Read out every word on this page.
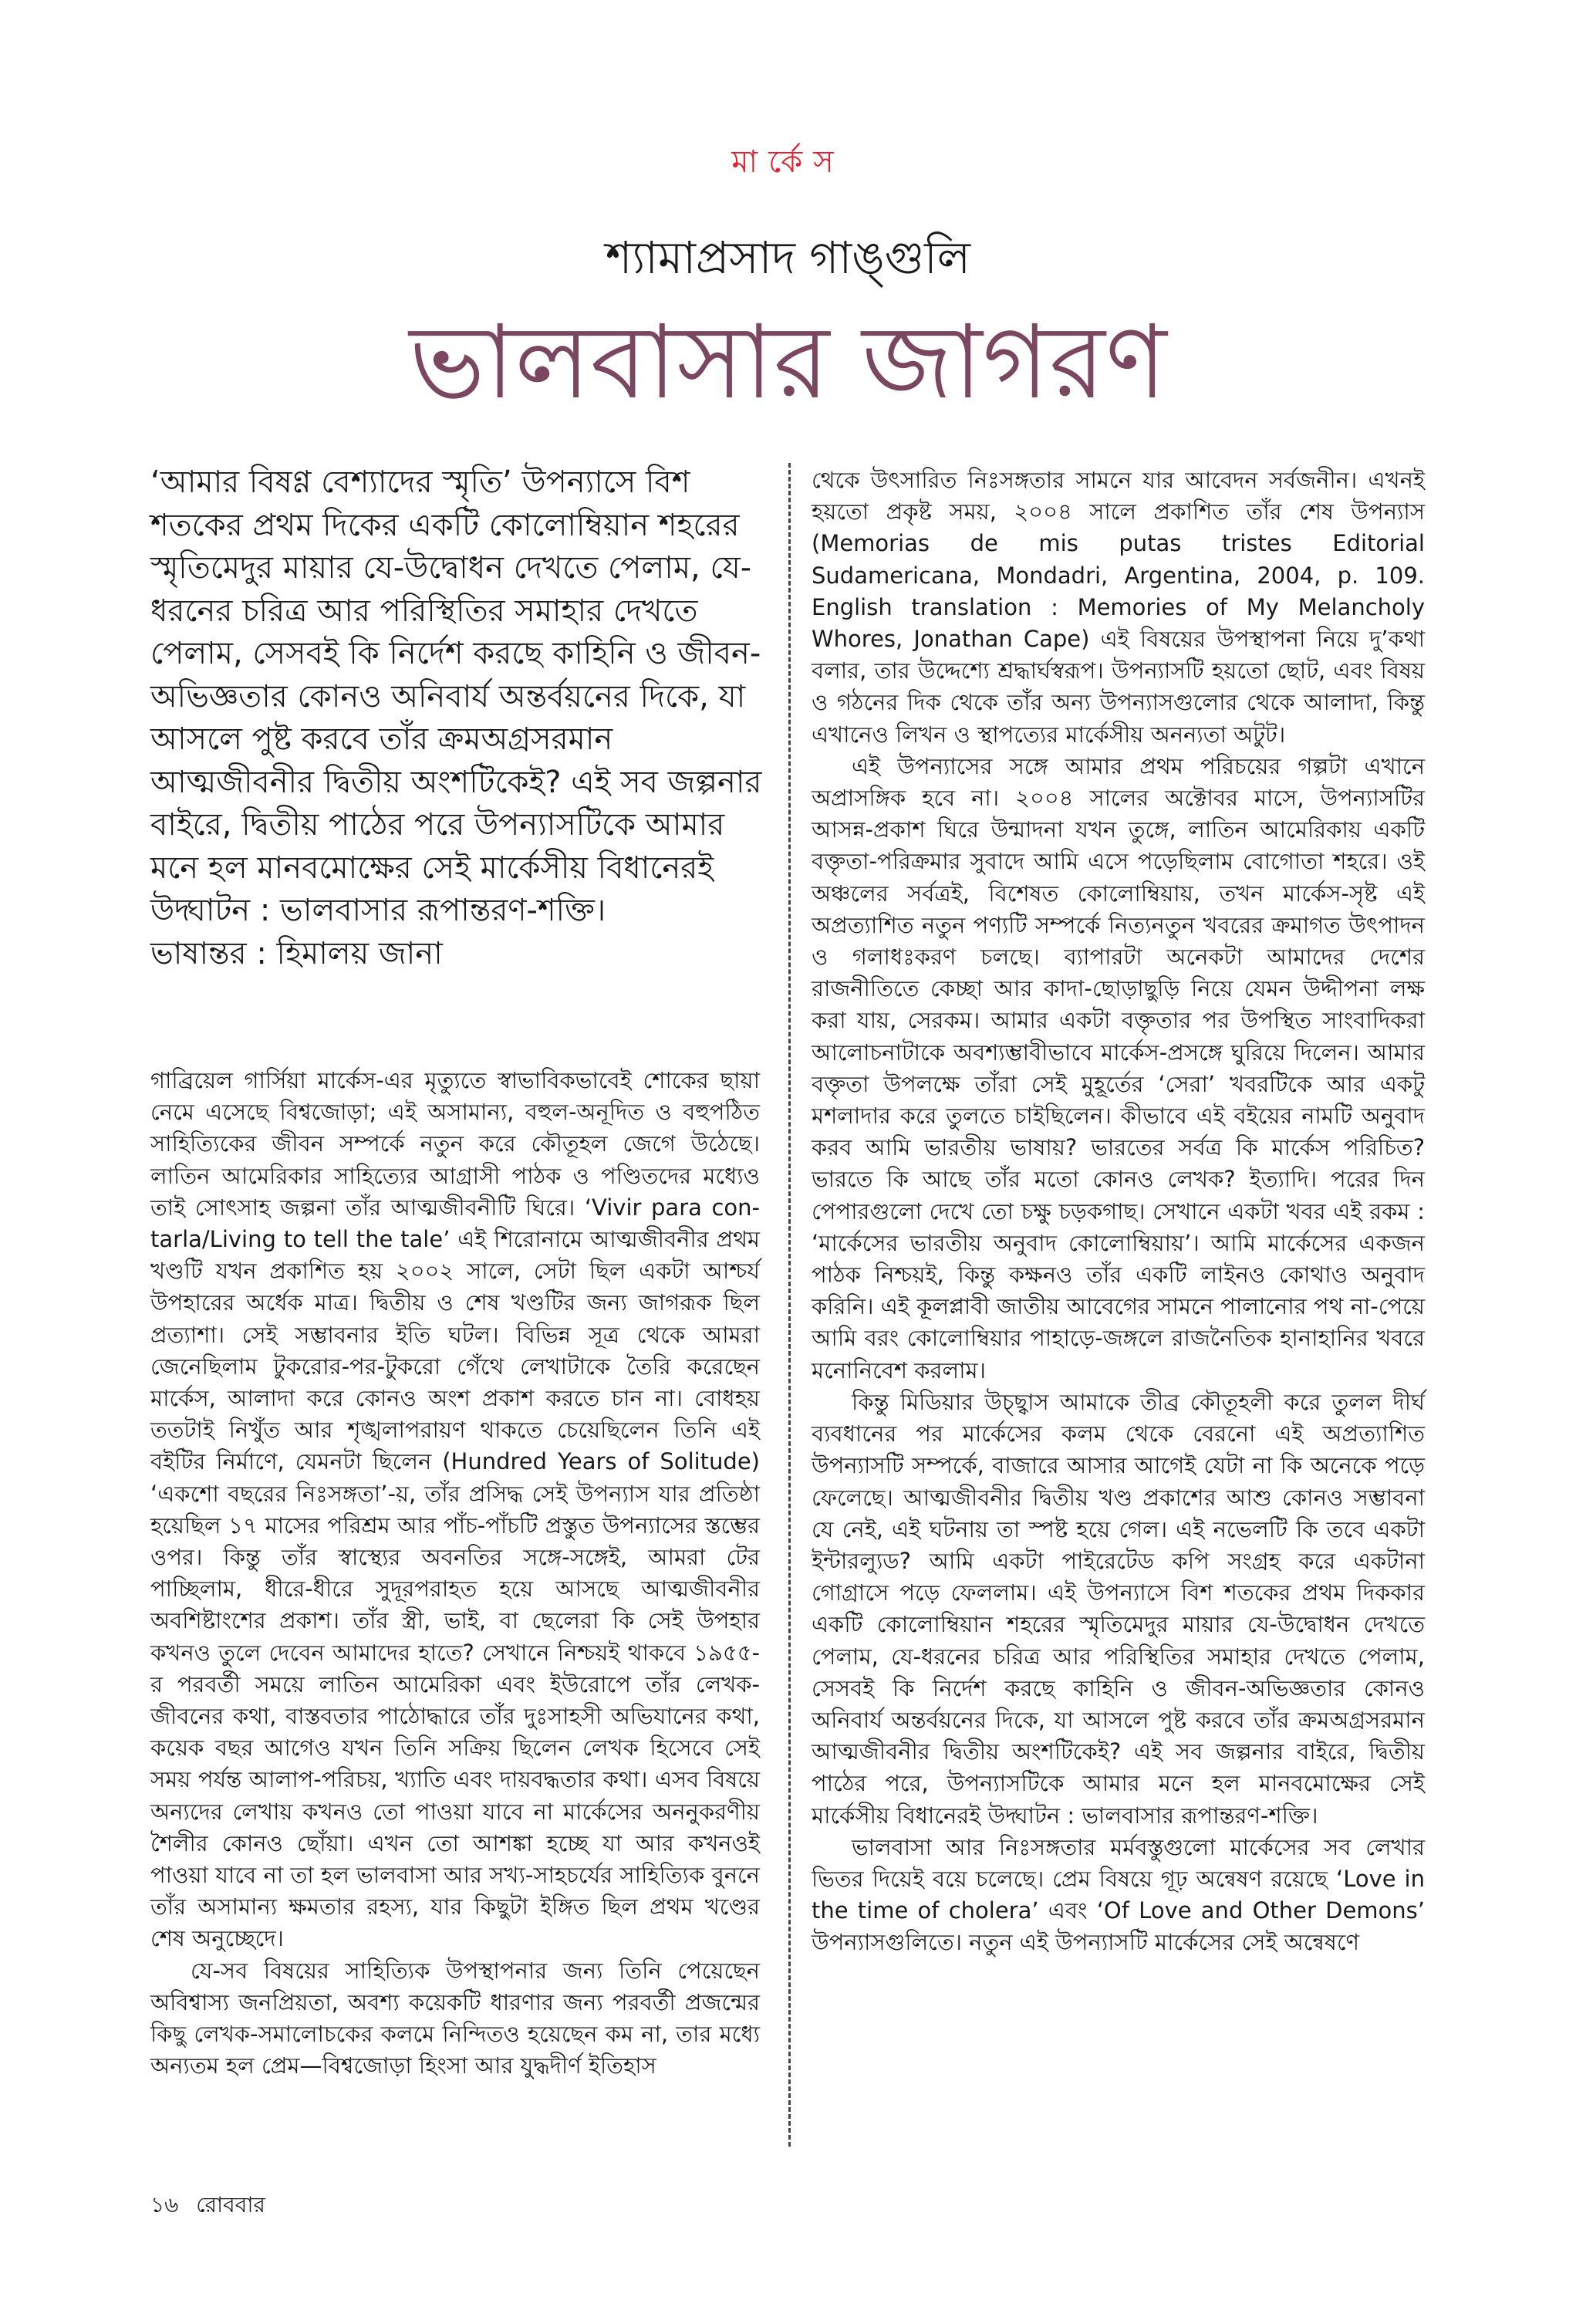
মার্কেস
শ্যামাপ্রসাদ গাঙ্গুলি
ভালবাসার জাগরণ

‘আমার বিষণ্ণ বেশ্যাদের স্মৃতি’ উপন্যাসে বিশ শতকের প্রথম দিকের একটি কোলোম্বিয়ান শহরের স্মৃতিমেদুর মায়ার যে-উদ্বোধন দেখতে পেলাম, যে-ধরনের চরিত্র আর পরিস্থিতির সমাহার দেখতে পেলাম, সেসবই কি নির্দেশ করছে কাহিনি ও জীবন-অভিজ্ঞতার কোনও অনিবার্য অন্তর্বয়নের দিকে, যা আসলে পুষ্ট করবে তাঁর ক্রমঅগ্রসরমান আত্মজীবনীর দ্বিতীয় অংশটিকেই? এই সব জল্পনার বাইরে, দ্বিতীয় পাঠের পরে উপন্যাসটিকে আমার মনে হল মানবমোক্ষের সেই মার্কেসীয় বিধানেরই উদ্ঘাটন : ভালবাসার রূপান্তরণ-শক্তি।

ভাষান্তর : হিমালয় জানা

গাব্রিয়েল গার্সিয়া মার্কেস-এর মৃত্যুতে স্বাভাবিকভাবেই শোকের ছায়া নেমে এসেছে বিশ্বজোড়া; এই অসামান্য, বহুল-অনূদিত ও বহুপঠিত সাহিত্যিকের জীবন সম্পর্কে নতুন করে কৌতূহল জেগে উঠেছে। লাতিন আমেরিকার সাহিত্যের আগ্রাসী পাঠক ও পণ্ডিতদের মধ্যেও তাই সোৎসাহ জল্পনা তাঁর আত্মজীবনীটি ঘিরে। ‘Vivir para con-tarla/Living to tell the tale’ এই শিরোনামে আত্মজীবনীর প্রথম খণ্ডটি যখন প্রকাশিত হয় ২০০২ সালে, সেটা ছিল একটা আশ্চর্য উপহারের অর্ধেক মাত্র। দ্বিতীয় ও শেষ খণ্ডটির জন্য জাগরূক ছিল প্রত্যাশা। সেই সম্ভাবনার ইতি ঘটল। বিভিন্ন সূত্র থেকে আমরা জেনেছিলাম টুকরোর-পর-টুকরো গেঁথে লেখাটাকে তৈরি করেছেন মার্কেস, আলাদা করে কোনও অংশ প্রকাশ করতে চান না। বোধহয় ততটাই নিখুঁত আর শৃঙ্খলাপরায়ণ থাকতে চেয়েছিলেন তিনি এই বইটির নির্মাণে, যেমনটা ছিলেন (Hundred Years of Solitude) ‘একশো বছরের নিঃসঙ্গতা’-য়, তাঁর প্রসিদ্ধ সেই উপন্যাস যার প্রতিষ্ঠা হয়েছিল ১৭ মাসের পরিশ্রম আর পাঁচ-পাঁচটি প্রস্তুত উপন্যাসের স্তম্ভের ওপর। কিন্তু তাঁর স্বাস্থ্যের অবনতির সঙ্গে-সঙ্গেই, আমরা টের পাচ্ছিলাম, ধীরে-ধীরে সুদূরপরাহত হয়ে আসছে আত্মজীবনীর অবশিষ্টাংশের প্রকাশ। তাঁর স্ত্রী, ভাই, বা ছেলেরা কি সেই উপহার কখনও তুলে দেবেন আমাদের হাতে? সেখানে নিশ্চয়ই থাকবে ১৯৫৫-র পরবর্তী সময়ে লাতিন আমেরিকা এবং ইউরোপে তাঁর লেখক-জীবনের কথা, বাস্তবতার পাঠোদ্ধারে তাঁর দুঃসাহসী অভিযানের কথা, কয়েক বছর আগেও যখন তিনি সক্রিয় ছিলেন লেখক হিসেবে সেই সময় পর্যন্ত আলাপ-পরিচয়, খ্যাতি এবং দায়বদ্ধতার কথা। এসব বিষয়ে অন্যদের লেখায় কখনও তো পাওয়া যাবে না মার্কেসের অননুকরণীয় শৈলীর কোনও ছোঁয়া। এখন তো আশঙ্কা হচ্ছে যা আর কখনওই পাওয়া যাবে না তা হল ভালবাসা আর সখ্য-সাহচর্যের সাহিত্যিক বুননে তাঁর অসামান্য ক্ষমতার রহস্য, যার কিছুটা ইঙ্গিত ছিল প্রথম খণ্ডের শেষ অনুচ্ছেদে।

যে-সব বিষয়ের সাহিত্যিক উপস্থাপনার জন্য তিনি পেয়েছেন অবিশ্বাস্য জনপ্রিয়তা, অবশ্য কয়েকটি ধারণার জন্য পরবর্তী প্রজন্মের কিছু লেখক-সমালোচকের কলমে নিন্দিতও হয়েছেন কম না, তার মধ্যে অন্যতম হল প্রেম—বিশ্বজোড়া হিংসা আর যুদ্ধদীর্ণ ইতিহাস

থেকে উৎসারিত নিঃসঙ্গতার সামনে যার আবেদন সর্বজনীন। এখনই হয়তো প্রকৃষ্ট সময়, ২০০৪ সালে প্রকাশিত তাঁর শেষ উপন্যাস (Memorias de mis putas tristes Editorial Sudamericana, Mondadri, Argentina, 2004, p. 109. English translation : Memories of My Melancholy Whores, Jonathan Cape) এই বিষয়ের উপস্থাপনা নিয়ে দু’কথা বলার, তার উদ্দেশ্যে শ্রদ্ধার্ঘস্বরূপ। উপন্যাসটি হয়তো ছোট, এবং বিষয় ও গঠনের দিক থেকে তাঁর অন্য উপন্যাসগুলোর থেকে আলাদা, কিন্তু এখানেও লিখন ও স্থাপত্যের মার্কেসীয় অনন্যতা অটুট।

এই উপন্যাসের সঙ্গে আমার প্রথম পরিচয়ের গল্পটা এখানে অপ্রাসঙ্গিক হবে না। ২০০৪ সালের অক্টোবর মাসে, উপন্যাসটির আসন্ন-প্রকাশ ঘিরে উন্মাদনা যখন তুঙ্গে, লাতিন আমেরিকায় একটি বক্তৃতা-পরিক্রমার সুবাদে আমি এসে পড়েছিলাম বোগোতা শহরে। ওই অঞ্চলের সর্বত্রই, বিশেষত কোলোম্বিয়ায়, তখন মার্কেস-সৃষ্ট এই অপ্রত্যাশিত নতুন পণ্যটি সম্পর্কে নিত্যনতুন খবরের ক্রমাগত উৎপাদন ও গলাধঃকরণ চলছে। ব্যাপারটা অনেকটা আমাদের দেশের রাজনীতিতে কেচ্ছা আর কাদা-ছোড়াছুড়ি নিয়ে যেমন উদ্দীপনা লক্ষ করা যায়, সেরকম। আমার একটা বক্তৃতার পর উপস্থিত সাংবাদিকরা আলোচনাটাকে অবশ্যম্ভাবীভাবে মার্কেস-প্রসঙ্গে ঘুরিয়ে দিলেন। আমার বক্তৃতা উপলক্ষে তাঁরা সেই মুহূর্তের ‘সেরা’ খবরটিকে আর একটু মশলাদার করে তুলতে চাইছিলেন। কীভাবে এই বইয়ের নামটি অনুবাদ করব আমি ভারতীয় ভাষায়? ভারতের সর্বত্র কি মার্কেস পরিচিত? ভারতে কি আছে তাঁর মতো কোনও লেখক? ইত্যাদি। পরের দিন পেপারগুলো দেখে তো চক্ষু চড়কগাছ। সেখানে একটা খবর এই রকম : ‘মার্কেসের ভারতীয় অনুবাদ কোলোম্বিয়ায়’। আমি মার্কেসের একজন পাঠক নিশ্চয়ই, কিন্তু কক্ষনও তাঁর একটি লাইনও কোথাও অনুবাদ করিনি। এই কূলপ্লাবী জাতীয় আবেগের সামনে পালানোর পথ না-পেয়ে আমি বরং কোলোম্বিয়ার পাহাড়ে-জঙ্গলে রাজনৈতিক হানাহানির খবরে মনোনিবেশ করলাম।

কিন্তু মিডিয়ার উচ্ছ্বাস আমাকে তীব্র কৌতূহলী করে তুলল দীর্ঘ ব্যবধানের পর মার্কেসের কলম থেকে বেরনো এই অপ্রত্যাশিত উপন্যাসটি সম্পর্কে, বাজারে আসার আগেই যেটা না কি অনেকে পড়ে ফেলেছে। আত্মজীবনীর দ্বিতীয় খণ্ড প্রকাশের আশু কোনও সম্ভাবনা যে নেই, এই ঘটনায় তা স্পষ্ট হয়ে গেল। এই নভেলটি কি তবে একটা ইন্টারল্যুড? আমি একটা পাইরেটেড কপি সংগ্রহ করে একটানা গোগ্রাসে পড়ে ফেললাম। এই উপন্যাসে বিশ শতকের প্রথম দিককার একটি কোলোম্বিয়ান শহরের স্মৃতিমেদুর মায়ার যে-উদ্বোধন দেখতে পেলাম, যে-ধরনের চরিত্র আর পরিস্থিতির সমাহার দেখতে পেলাম, সেসবই কি নির্দেশ করছে কাহিনি ও জীবন-অভিজ্ঞতার কোনও অনিবার্য অন্তর্বয়নের দিকে, যা আসলে পুষ্ট করবে তাঁর ক্রমঅগ্রসরমান আত্মজীবনীর দ্বিতীয় অংশটিকেই? এই সব জল্পনার বাইরে, দ্বিতীয় পাঠের পরে, উপন্যাসটিকে আমার মনে হল মানবমোক্ষের সেই মার্কেসীয় বিধানেরই উদ্ঘাটন : ভালবাসার রূপান্তরণ-শক্তি।

ভালবাসা আর নিঃসঙ্গতার মর্মবস্তুগুলো মার্কেসের সব লেখার ভিতর দিয়েই বয়ে চলেছে। প্রেম বিষয়ে গূঢ় অন্বেষণ রয়েছে ‘Love in the time of cholera’ এবং ‘Of Love and Other Demons’ উপন্যাসগুলিতে। নতুন এই উপন্যাসটি মার্কেসের সেই অন্বেষণে

১৬ রোববার
